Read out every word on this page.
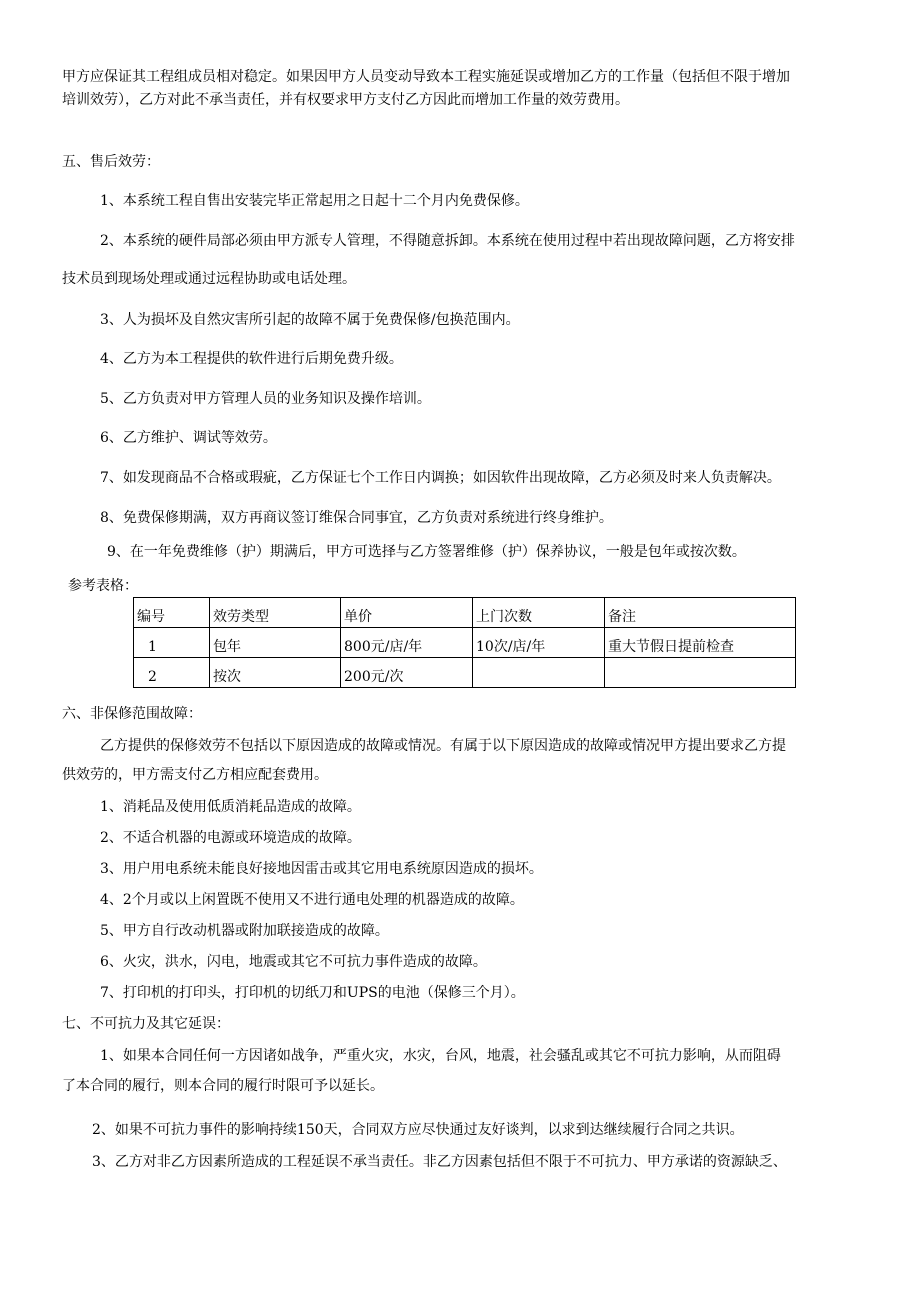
甲方应保证其工程组成员相对稳定。如果因甲方人员变动导致本工程实施延误或增加乙方的工作量（包括但不限于增加

培训效劳），乙方对此不承当责任，并有权要求甲方支付乙方因此而增加工作量的效劳费用。

五、售后效劳：

1、本系统工程自售出安装完毕正常起用之日起十二个月内免费保修。

2、本系统的硬件局部必须由甲方派专人管理，不得随意拆卸。本系统在使用过程中若出现故障问题，乙方将安排

技术员到现场处理或通过远程协助或电话处理。

3、人为损坏及自然灾害所引起的故障不属于免费保修/包换范围内。

4、乙方为本工程提供的软件进行后期免费升级。

5、乙方负责对甲方管理人员的业务知识及操作培训。

6、乙方维护、调试等效劳。

7、如发现商品不合格或瑕疵，乙方保证七个工作日内调换；如因软件出现故障，乙方必须及时来人负责解决。

8、免费保修期满，双方再商议签订维保合同事宜，乙方负责对系统进行终身维护。

9、在一年免费维修（护）期满后，甲方可选择与乙方签署维修（护）保养协议，一般是包年或按次数。

参考表格：

编号	效劳类型	单价	上门次数	备注
1	包年	800元/店/年	10次/店/年	重大节假日提前检查
2	按次	200元/次		

六、非保修范围故障：

乙方提供的保修效劳不包括以下原因造成的故障或情况。有属于以下原因造成的故障或情况甲方提出要求乙方提

供效劳的，甲方需支付乙方相应配套费用。

1、消耗品及使用低质消耗品造成的故障。

2、不适合机器的电源或环境造成的故障。

3、用户用电系统未能良好接地因雷击或其它用电系统原因造成的损坏。

4、2个月或以上闲置既不使用又不进行通电处理的机器造成的故障。

5、甲方自行改动机器或附加联接造成的故障。

6、火灾，洪水，闪电，地震或其它不可抗力事件造成的故障。

7、打印机的打印头，打印机的切纸刀和UPS的电池（保修三个月）。

七、不可抗力及其它延误：

1、如果本合同任何一方因诸如战争，严重火灾，水灾，台风，地震，社会骚乱或其它不可抗力影响，从而阻碍

了本合同的履行，则本合同的履行时限可予以延长。

2、如果不可抗力事件的影响持续150天，合同双方应尽快通过友好谈判，以求到达继续履行合同之共识。

3、乙方对非乙方因素所造成的工程延误不承当责任。非乙方因素包括但不限于不可抗力、甲方承诺的资源缺乏、
